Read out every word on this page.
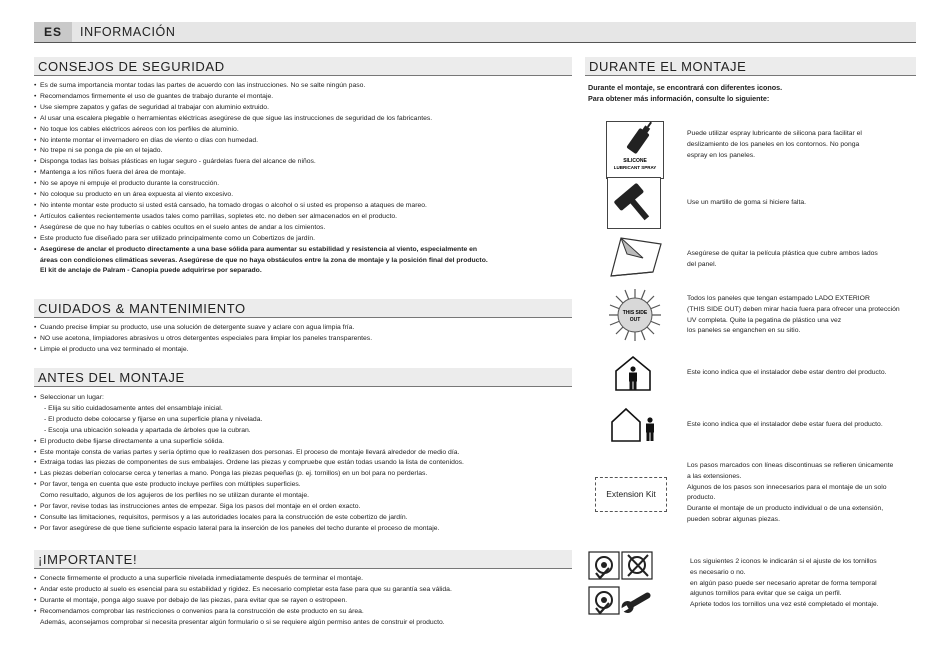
ES	INFORMACIÓN
CONSEJOS DE SEGURIDAD
• Es de suma importancia montar todas las partes de acuerdo con las instrucciones. No se salte ningún paso.
• Recomendamos firmemente el uso de guantes de trabajo durante el montaje.
• Use siempre zapatos y gafas de seguridad al trabajar con aluminio extruido.
• Al usar una escalera plegable o herramientas eléctricas asegúrese de que sigue las instrucciones de seguridad de los fabricantes.
• No toque los cables eléctricos aéreos con los perfiles de aluminio.
• No intente montar el invernadero en días de viento o días con humedad.
• No trepe ni se ponga de pie en el tejado.
• Disponga todas las bolsas plásticas en lugar seguro - guárdelas fuera del alcance de niños.
• Mantenga a los niños fuera del área de montaje.
• No se apoye ni empuje el producto durante la construcción.
• No coloque su producto en un área expuesta al viento excesivo.
• No intente montar este producto si usted está cansado, ha tomado drogas o alcohol o si usted es propenso a ataques de mareo.
• Artículos calientes recientemente usados tales como parrillas, sopletes etc. no deben ser almacenados en el producto.
• Asegúrese de que no hay tuberías o cables ocultos en el suelo antes de andar a los cimientos.
• Este producto fue diseñado para ser utilizado principalmente como un Cobertizos de jardín.
• Asegúrese de anclar el producto directamente a una base sólida para aumentar su estabilidad y resistencia al viento, especialmente en
áreas con condiciones climáticas severas. Asegúrese de que no haya obstáculos entre la zona de montaje y la posición final del producto.
El kit de anclaje de Palram - Canopia puede adquirirse por separado.
CUIDADOS & MANTENIMIENTO
• Cuando precise limpiar su producto, use una solución de detergente suave y aclare con agua limpia fría.
• NO use acetona, limpiadores abrasivos u otros detergentes especiales para limpiar los paneles transparentes.
• Limpie el producto una vez terminado el montaje.
ANTES DEL MONTAJE
• Seleccionar un lugar:
- Elija su sitio cuidadosamente antes del ensamblaje inicial.
- El producto debe colocarse y fijarse en una superficie plana y nivelada.
- Escoja una ubicación soleada y apartada de árboles que la cubran.
• El producto debe fijarse directamente a una superficie sólida.
• Este montaje consta de varias partes y sería óptimo que lo realizasen dos personas. El proceso de montaje llevará alrededor de medio día.
• Extraiga todas las piezas de componentes de sus embalajes. Ordene las piezas y compruebe que están todas usando la lista de contenidos.
• Las piezas deberían colocarse cerca y tenerlas a mano. Ponga las piezas pequeñas (p. ej. tornillos) en un bol para no perderlas.
• Por favor, tenga en cuenta que este producto incluye perfiles con múltiples superficies.
Como resultado, algunos de los agujeros de los perfiles no se utilizan durante el montaje.
• Por favor, revise todas las instrucciones antes de empezar. Siga los pasos del montaje en el orden exacto.
• Consulte las limitaciones, requisitos, permisos y a las autoridades locales para la construcción de este cobertizo de jardín.
• Por favor asegúrese de que tiene suficiente espacio lateral para la inserción de los paneles del techo durante el proceso de montaje.
¡IMPORTANTE!
• Conecte firmemente el producto a una superficie nivelada inmediatamente después de terminar el montaje.
• Andar este producto al suelo es esencial para su estabilidad y rigidez. Es necesario completar esta fase para que su garantía sea válida.
• Durante el montaje, ponga algo suave por debajo de las piezas, para evitar que se rayen o estropeen.
• Recomendamos comprobar las restricciones o convenios para la construcción de este producto en su área.
Además, aconsejamos comprobar si necesita presentar algún formulario o si se requiere algún permiso antes de construir el producto.
DURANTE EL MONTAJE
Durante el montaje, se encontrará con diferentes iconos.
Para obtener más información, consulte lo siguiente:
SILICONE
LUBRICANT SPRAY
Puede utilizar espray lubricante de silicona para facilitar el
deslizamiento de los paneles en los contornos. No ponga
espray en los paneles.
Use un martillo de goma si hiciere falta.
Asegúrese de quitar la película plástica que cubre ambos lados
del panel.
THIS SIDE
OUT
Todos los paneles que tengan estampado LADO EXTERIOR
(THIS SIDE OUT) deben mirar hacia fuera para ofrecer una protección
UV completa. Quite la pegatina de plástico una vez
los paneles se enganchen en su sitio.
Este icono indica que el instalador debe estar dentro del producto.
Este icono indica que el instalador debe estar fuera del producto.
Extension Kit
Los pasos marcados con líneas discontinuas se refieren únicamente
a las extensiones.
Algunos de los pasos son innecesarios para el montaje de un solo
producto.
Durante el montaje de un producto individual o de una extensión,
pueden sobrar algunas piezas.
Los siguientes 2 iconos le indicarán si el ajuste de los tornillos
es necesario o no.
en algún paso puede ser necesario apretar de forma temporal
algunos tornillos para evitar que se caiga un perfil.
Apriete todos los tornillos una vez esté completado el montaje.
